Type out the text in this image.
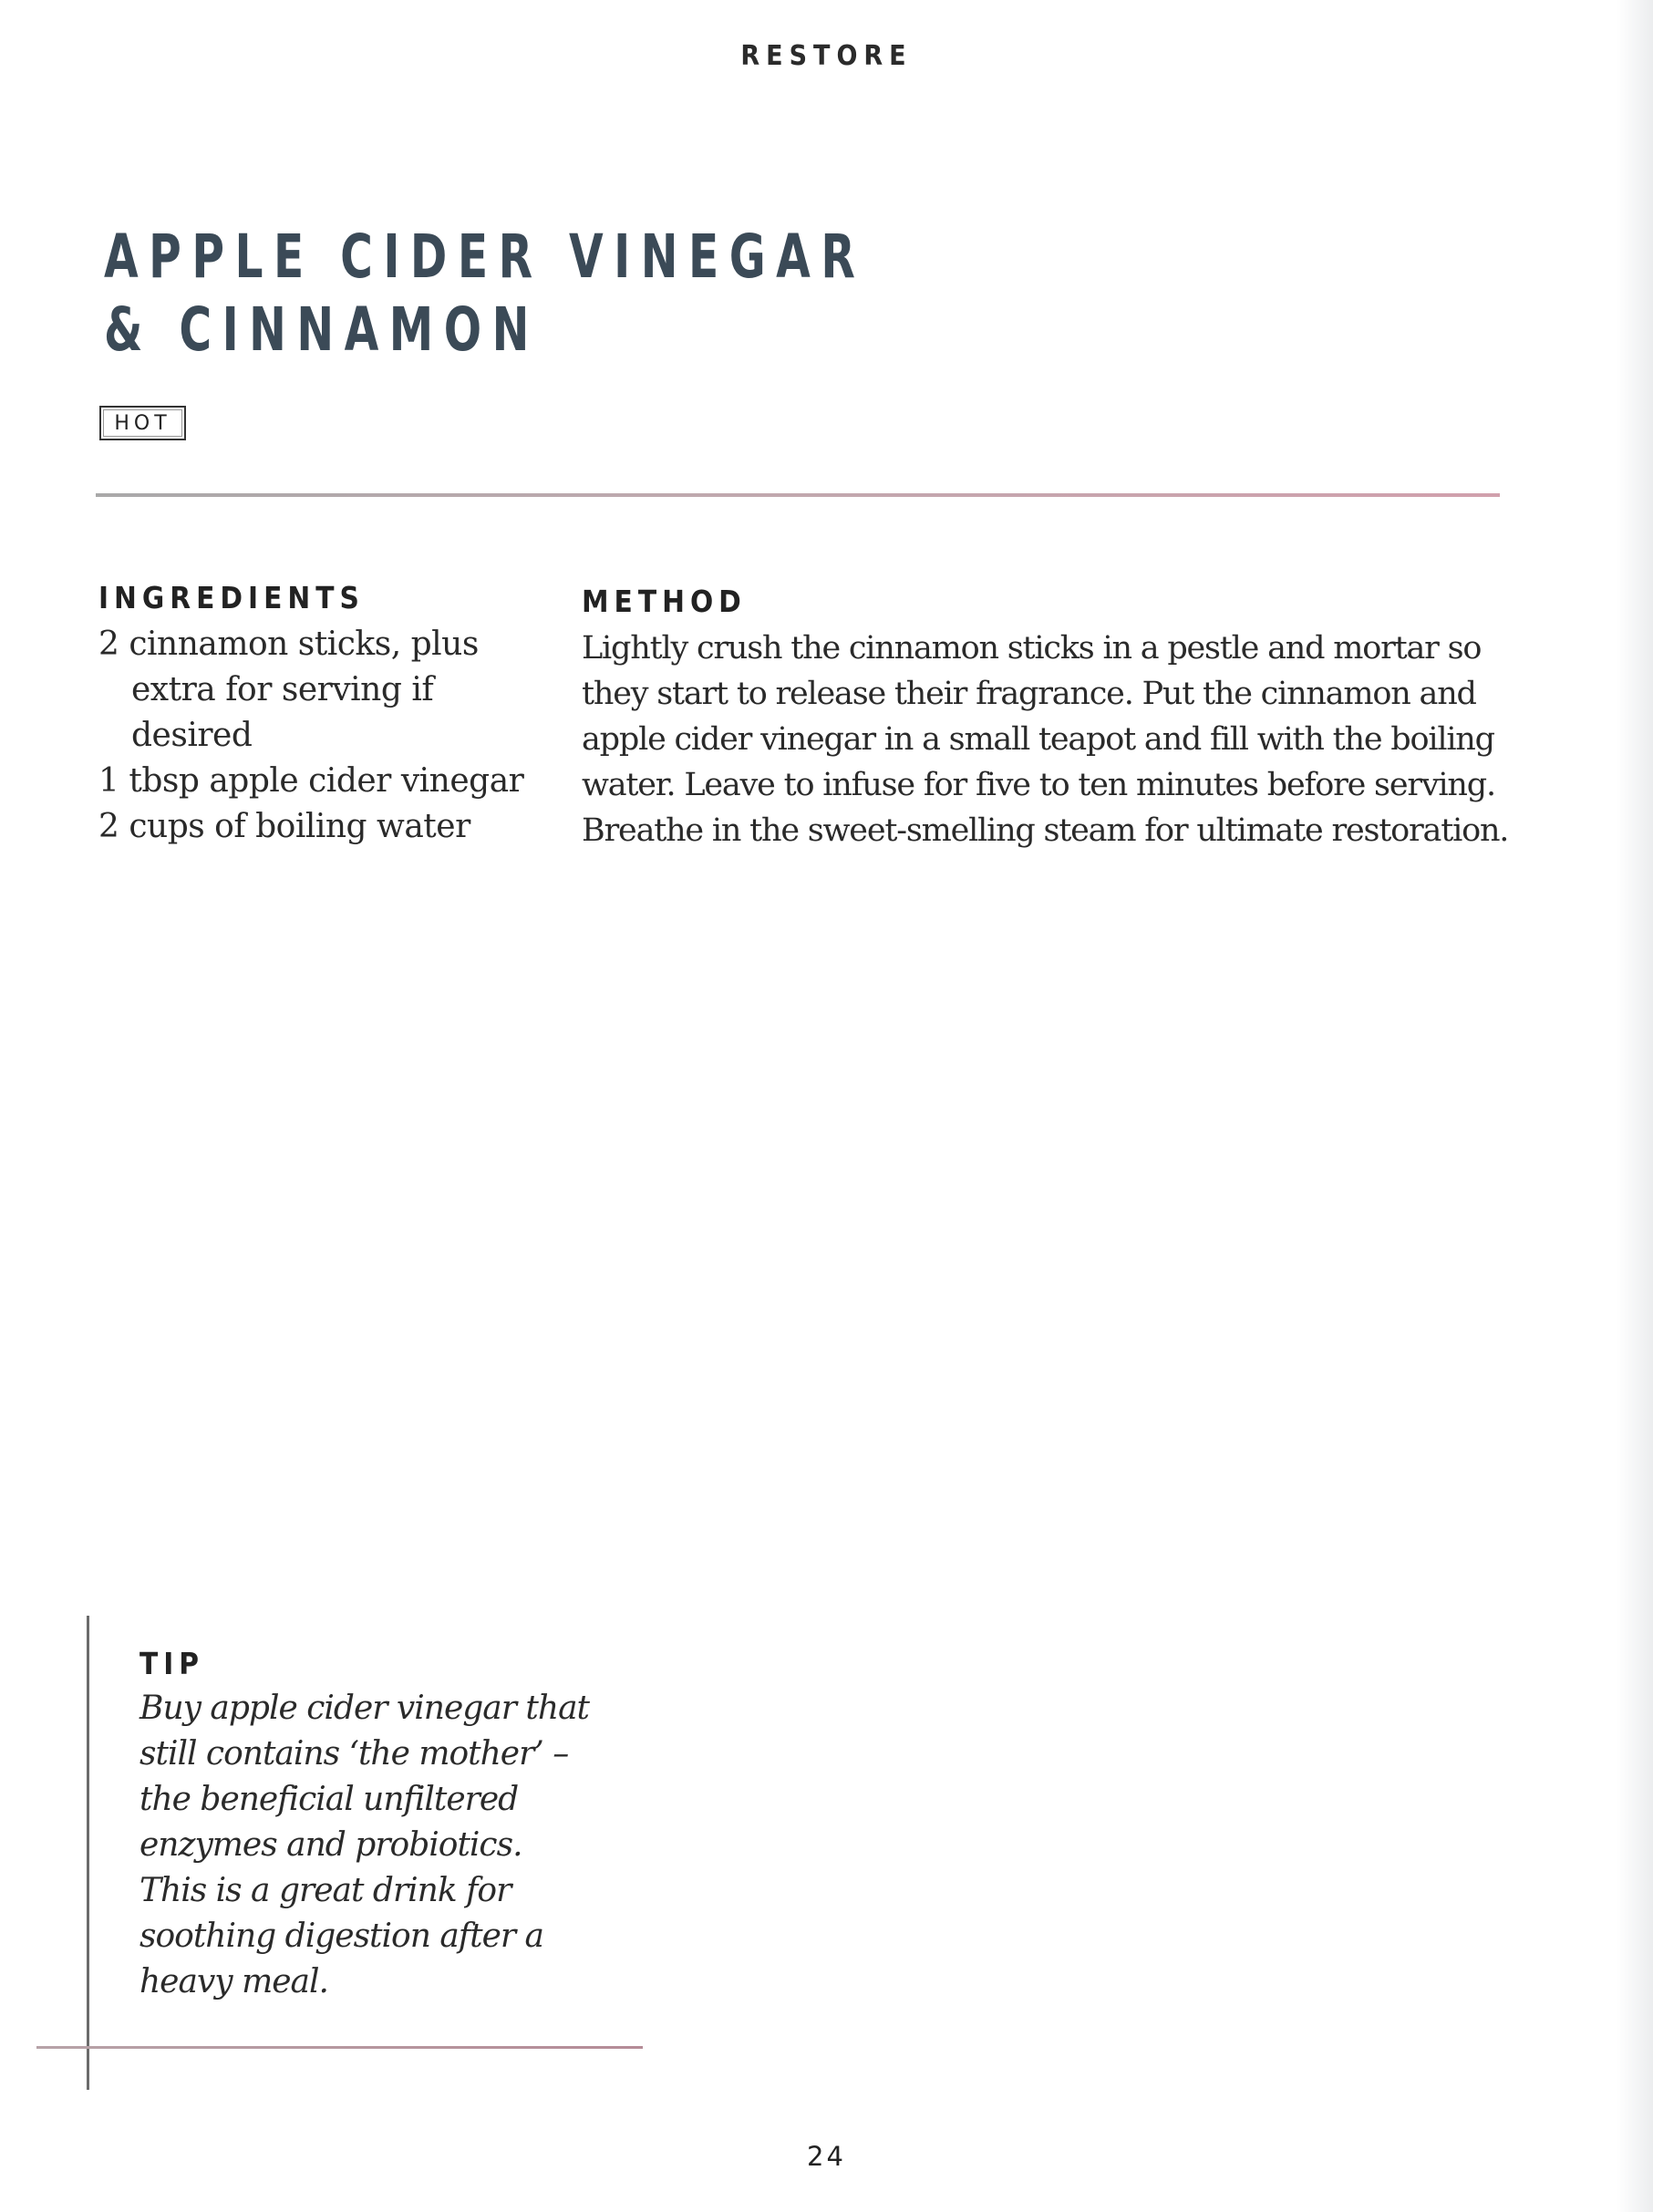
RESTORE
APPLE CIDER VINEGAR
& CINNAMON
HOT
INGREDIENTS
2 cinnamon sticks, plus extra for serving if desired
1 tbsp apple cider vinegar
2 cups of boiling water
METHOD

Lightly crush the cinnamon sticks in a pestle and mortar so they start to release their fragrance. Put the cinnamon and apple cider vinegar in a small teapot and fill with the boiling water. Leave to infuse for five to ten minutes before serving. Breathe in the sweet-smelling steam for ultimate restoration.

TIP

Buy apple cider vinegar that still contains ‘the mother’ – the beneficial unfiltered enzymes and probiotics. This is a great drink for soothing digestion after a heavy meal.

24
